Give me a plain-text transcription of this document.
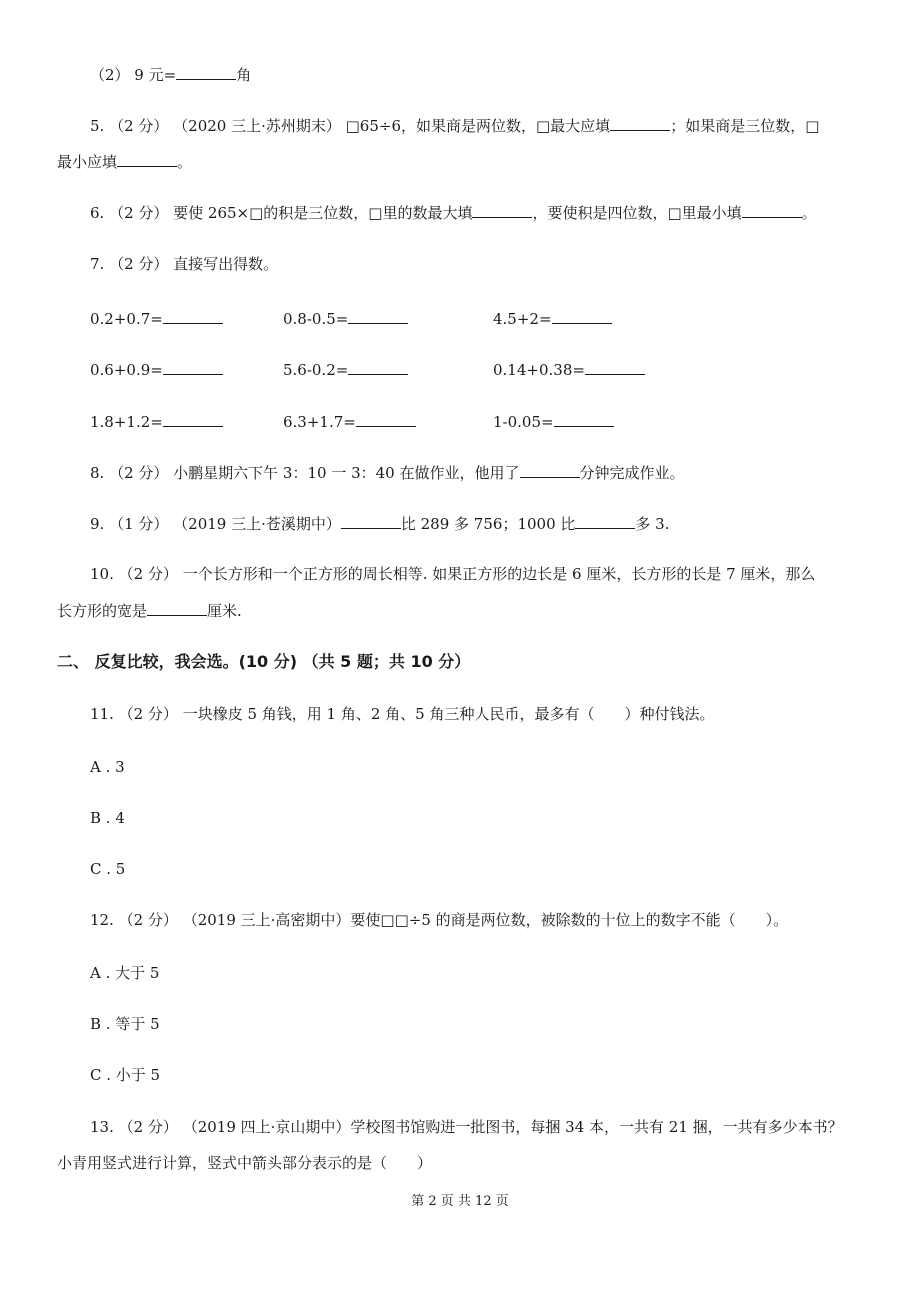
（2） 9 元=	角
5. （2 分） （2020 三上·苏州期末） □65÷6，如果商是两位数，□最大应填	；如果商是三位数，□
最小应填	。
6. （2 分） 要使 265×□的积是三位数，□里的数最大填	，要使积是四位数，□里最小填	。
7. （2 分） 直接写出得数。
0.2+0.7=	0.8-0.5=	4.5+2=
0.6+0.9=	5.6-0.2=	0.14+0.38=
1.8+1.2=	6.3+1.7=	1-0.05=
8. （2 分） 小鹏星期六下午 3：10 一 3：40 在做作业，他用了	分钟完成作业。
9. （1 分） （2019 三上·苍溪期中）	比 289 多 756；1000 比	多 3.
10. （2 分） 一个长方形和一个正方形的周长相等. 如果正方形的边长是 6 厘米，长方形的长是 7 厘米，那么
长方形的宽是	厘米.
二、 反复比较，我会选。(10 分) （共 5 题；共 10 分）
11. （2 分） 一块橡皮 5 角钱，用 1 角、2 角、5 角三种人民币，最多有（　　）种付钱法。
A . 3
B . 4
C . 5
12. （2 分） （2019 三上·高密期中）要使□□÷5 的商是两位数，被除数的十位上的数字不能（　　）。
A . 大于 5
B . 等于 5
C . 小于 5
13. （2 分） （2019 四上·京山期中）学校图书馆购进一批图书，每捆 34 本，一共有 21 捆，一共有多少本书？
小青用竖式进行计算，竖式中箭头部分表示的是（　　）
第 2 页 共 12 页
